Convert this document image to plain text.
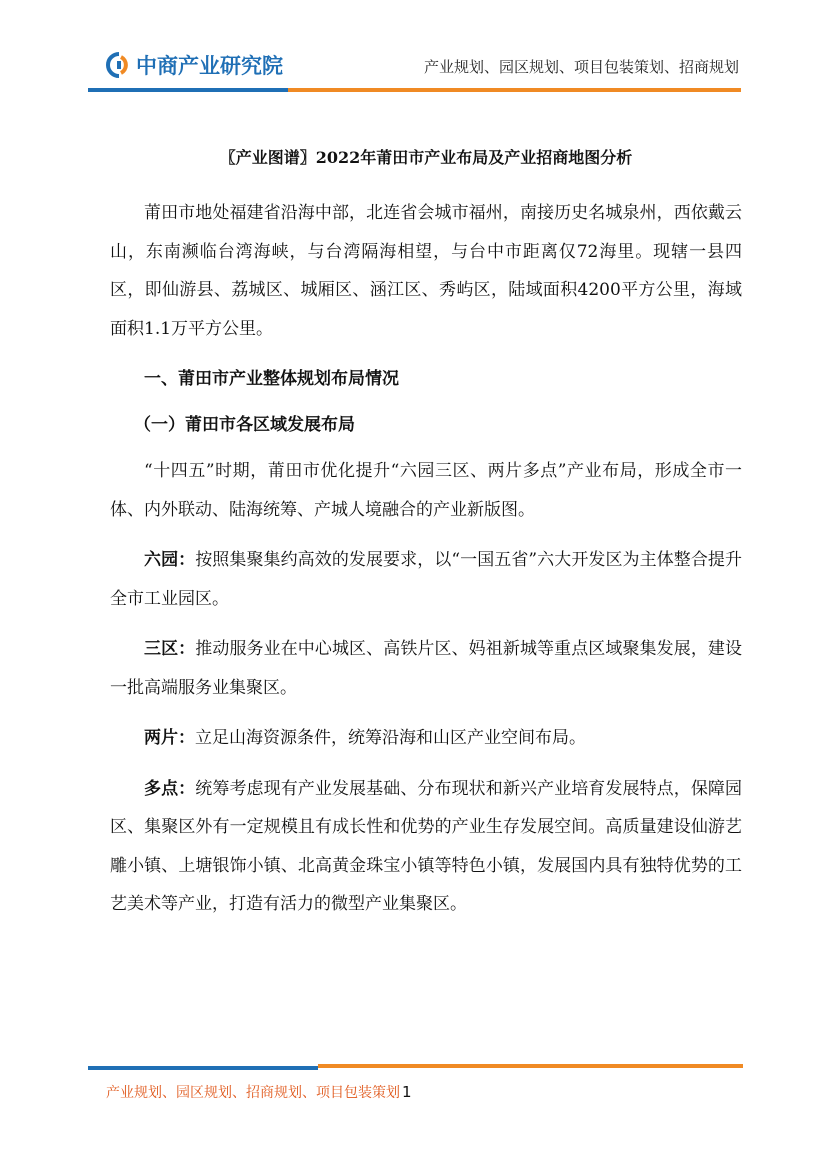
中商产业研究院	产业规划、园区规划、项目包装策划、招商规划
〖产业图谱〗2022年莆田市产业布局及产业招商地图分析

莆田市地处福建省沿海中部，北连省会城市福州，南接历史名城泉州，西依戴云山，东南濒临台湾海峡，与台湾隔海相望，与台中市距离仅72海里。现辖一县四区，即仙游县、荔城区、城厢区、涵江区、秀屿区，陆域面积4200平方公里，海域面积1.1万平方公里。

一、莆田市产业整体规划布局情况
（一）莆田市各区域发展布局

“十四五”时期，莆田市优化提升“六园三区、两片多点”产业布局，形成全市一体、内外联动、陆海统筹、产城人境融合的产业新版图。

六园：按照集聚集约高效的发展要求，以“一国五省”六大开发区为主体整合提升全市工业园区。

三区：推动服务业在中心城区、高铁片区、妈祖新城等重点区域聚集发展，建设一批高端服务业集聚区。

两片：立足山海资源条件，统筹沿海和山区产业空间布局。

多点：统筹考虑现有产业发展基础、分布现状和新兴产业培育发展特点，保障园区、集聚区外有一定规模且有成长性和优势的产业生存发展空间。高质量建设仙游艺雕小镇、上塘银饰小镇、北高黄金珠宝小镇等特色小镇，发展国内具有独特优势的工艺美术等产业，打造有活力的微型产业集聚区。

产业规划、园区规划、招商规划、项目包装策划 1
